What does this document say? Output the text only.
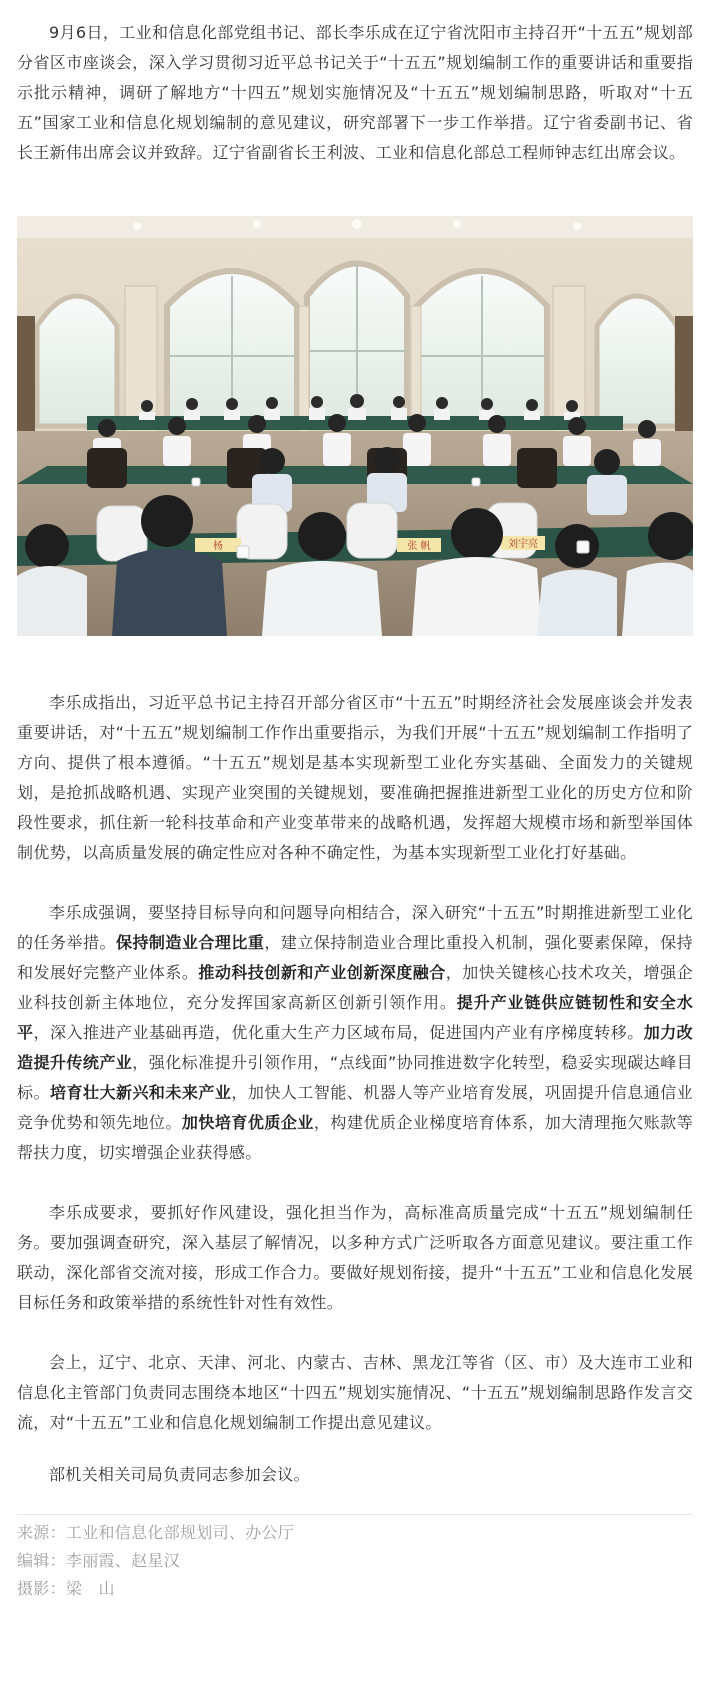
9月6日，工业和信息化部党组书记、部长李乐成在辽宁省沈阳市主持召开“十五五”规划部分省区市座谈会，深入学习贯彻习近平总书记关于“十五五”规划编制工作的重要讲话和重要指示批示精神，调研了解地方“十四五”规划实施情况及“十五五”规划编制思路，听取对“十五五”国家工业和信息化规划编制的意见建议，研究部署下一步工作举措。辽宁省委副书记、省长王新伟出席会议并致辞。辽宁省副省长王利波、工业和信息化部总工程师钟志红出席会议。

杨	张 帆	刘宇亮

李乐成指出，习近平总书记主持召开部分省区市“十五五”时期经济社会发展座谈会并发表重要讲话，对“十五五”规划编制工作作出重要指示，为我们开展“十五五”规划编制工作指明了方向、提供了根本遵循。“十五五”规划是基本实现新型工业化夯实基础、全面发力的关键规划，是抢抓战略机遇、实现产业突围的关键规划，要准确把握推进新型工业化的历史方位和阶段性要求，抓住新一轮科技革命和产业变革带来的战略机遇，发挥超大规模市场和新型举国体制优势，以高质量发展的确定性应对各种不确定性，为基本实现新型工业化打好基础。

李乐成强调，要坚持目标导向和问题导向相结合，深入研究“十五五”时期推进新型工业化的任务举措。保持制造业合理比重，建立保持制造业合理比重投入机制，强化要素保障，保持和发展好完整产业体系。推动科技创新和产业创新深度融合，加快关键核心技术攻关，增强企业科技创新主体地位，充分发挥国家高新区创新引领作用。提升产业链供应链韧性和安全水平，深入推进产业基础再造，优化重大生产力区域布局，促进国内产业有序梯度转移。加力改造提升传统产业，强化标准提升引领作用，“点线面”协同推进数字化转型，稳妥实现碳达峰目标。培育壮大新兴和未来产业，加快人工智能、机器人等产业培育发展，巩固提升信息通信业竞争优势和领先地位。加快培育优质企业，构建优质企业梯度培育体系，加大清理拖欠账款等帮扶力度，切实增强企业获得感。

李乐成要求，要抓好作风建设，强化担当作为，高标准高质量完成“十五五”规划编制任务。要加强调查研究，深入基层了解情况，以多种方式广泛听取各方面意见建议。要注重工作联动，深化部省交流对接，形成工作合力。要做好规划衔接，提升“十五五”工业和信息化发展目标任务和政策举措的系统性针对性有效性。

会上，辽宁、北京、天津、河北、内蒙古、吉林、黑龙江等省（区、市）及大连市工业和信息化主管部门负责同志围绕本地区“十四五”规划实施情况、“十五五”规划编制思路作发言交流，对“十五五”工业和信息化规划编制工作提出意见建议。

部机关相关司局负责同志参加会议。

来源：工业和信息化部规划司、办公厅
编辑：李丽霞、赵星汉
摄影：梁　山
